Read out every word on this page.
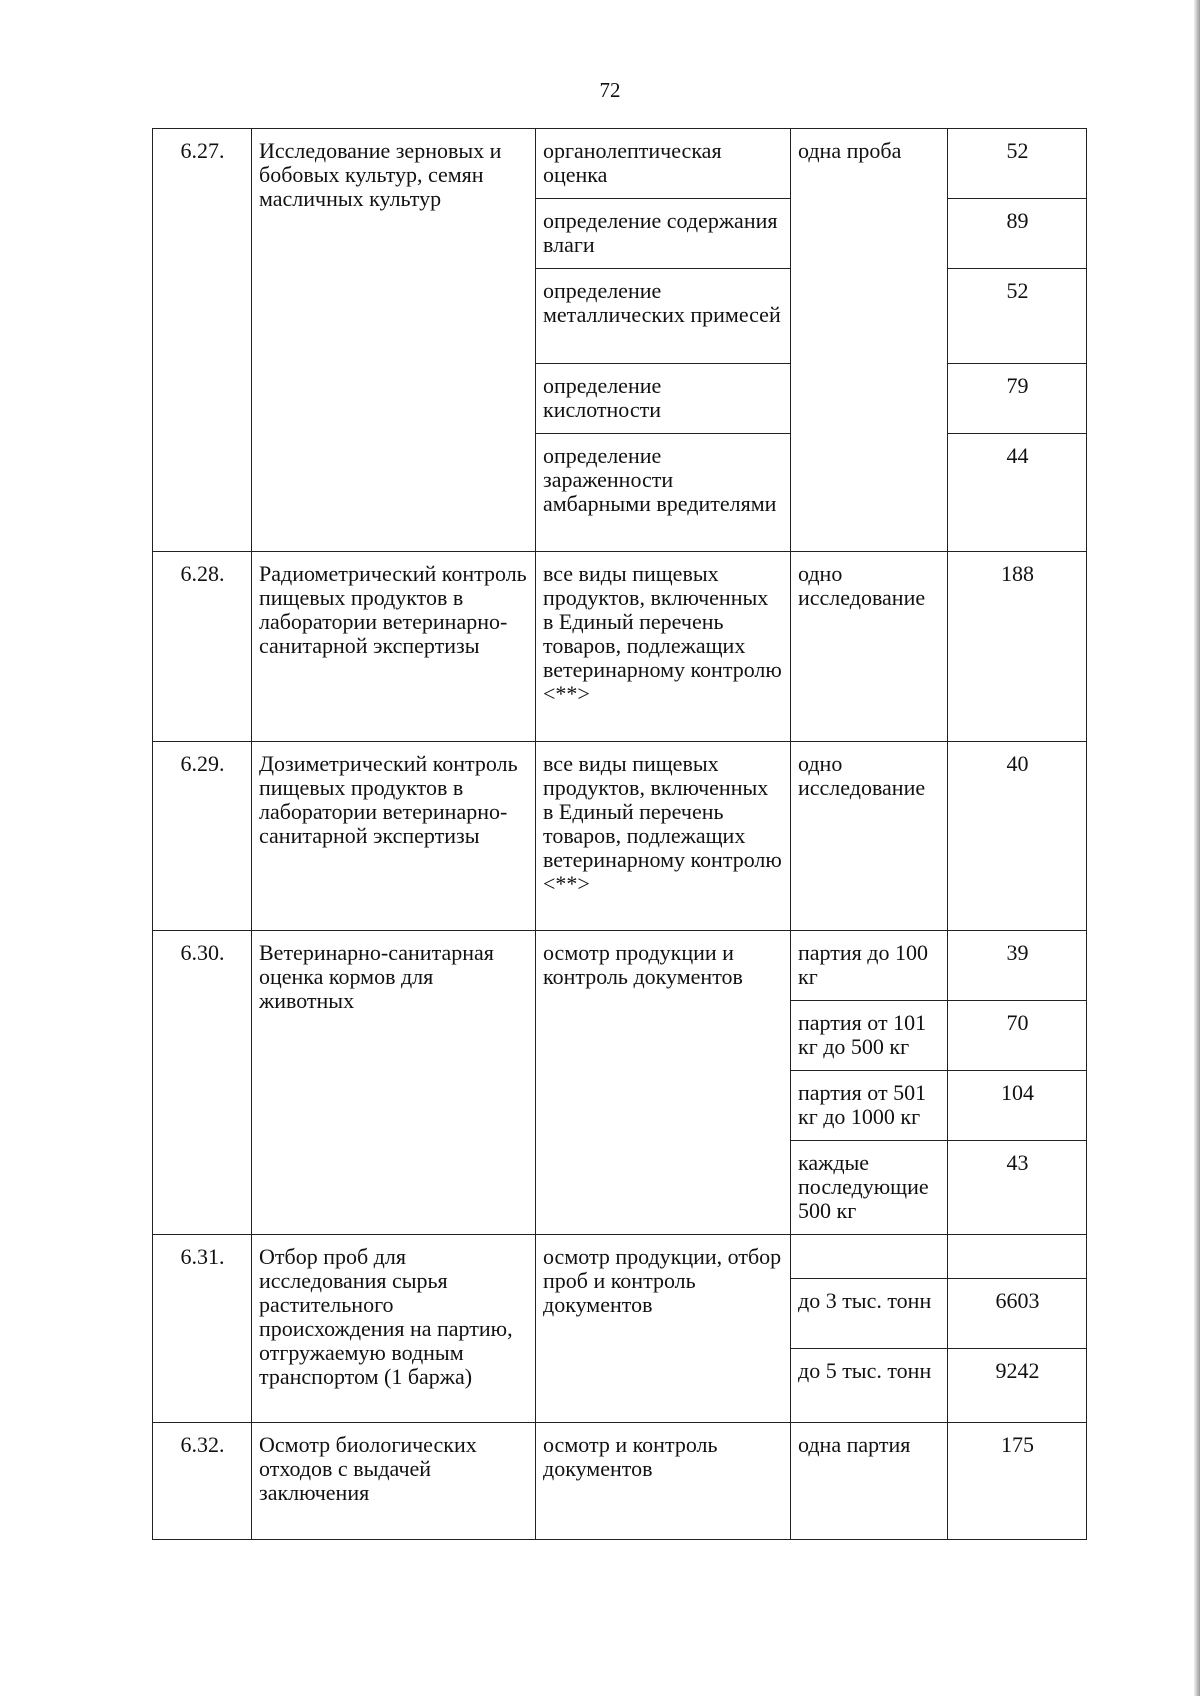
72
6.27.	Исследование зерновых и бобовых культур, семян масличных культур	органолептическая оценка	одна проба	52
		определение содержания влаги		89
		определение металлических примесей		52
		определение кислотности		79
		определение зараженности амбарными вредителями		44
6.28.	Радиометрический контроль пищевых продуктов в лаборатории ветеринарно-санитарной экспертизы	все виды пищевых продуктов, включенных в Единый перечень товаров, подлежащих ветеринарному контролю <**>	одно исследование	188
6.29.	Дозиметрический контроль пищевых продуктов в лаборатории ветеринарно-санитарной экспертизы	все виды пищевых продуктов, включенных в Единый перечень товаров, подлежащих ветеринарному контролю <**>	одно исследование	40
6.30.	Ветеринарно-санитарная оценка кормов для животных	осмотр продукции и контроль документов	партия до 100 кг	39
			партия от 101 кг до 500 кг	70
			партия от 501 кг до 1000 кг	104
			каждые последующие 500 кг	43
6.31.	Отбор проб для исследования сырья растительного происхождения на партию, отгружаемую водным транспортом (1 баржа)	осмотр продукции, отбор проб и контроль документов		
			до 3 тыс. тонн	6603
			до 5 тыс. тонн	9242
6.32.	Осмотр биологических отходов с выдачей заключения	осмотр и контроль документов	одна партия	175
